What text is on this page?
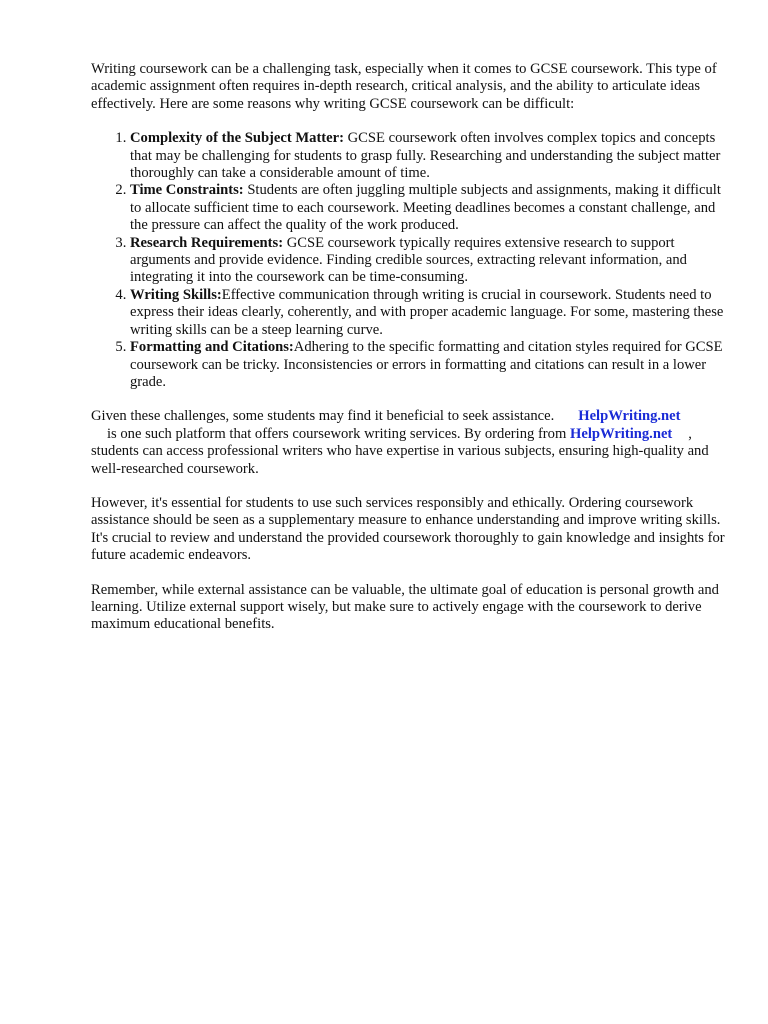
Writing coursework can be a challenging task, especially when it comes to GCSE coursework. This type of academic assignment often requires in-depth research, critical analysis, and the ability to articulate ideas effectively. Here are some reasons why writing GCSE coursework can be difficult:

1. Complexity of the Subject Matter: GCSE coursework often involves complex topics and concepts that may be challenging for students to grasp fully. Researching and understanding the subject matter thoroughly can take a considerable amount of time.
2. Time Constraints: Students are often juggling multiple subjects and assignments, making it difficult to allocate sufficient time to each coursework. Meeting deadlines becomes a constant challenge, and the pressure can affect the quality of the work produced.
3. Research Requirements: GCSE coursework typically requires extensive research to support arguments and provide evidence. Finding credible sources, extracting relevant information, and integrating it into the coursework can be time-consuming.
4. Writing Skills:Effective communication through writing is crucial in coursework. Students need to express their ideas clearly, coherently, and with proper academic language. For some, mastering these writing skills can be a steep learning curve.
5. Formatting and Citations:Adhering to the specific formatting and citation styles required for GCSE coursework can be tricky. Inconsistencies or errors in formatting and citations can result in a lower grade.

Given these challenges, some students may find it beneficial to seek assistance. HelpWriting.net
is one such platform that offers coursework writing services. By ordering from HelpWriting.net , students can access professional writers who have expertise in various subjects, ensuring high-quality and well-researched coursework.

However, it's essential for students to use such services responsibly and ethically. Ordering coursework assistance should be seen as a supplementary measure to enhance understanding and improve writing skills. It's crucial to review and understand the provided coursework thoroughly to gain knowledge and insights for future academic endeavors.

Remember, while external assistance can be valuable, the ultimate goal of education is personal growth and learning. Utilize external support wisely, but make sure to actively engage with the coursework to derive maximum educational benefits.
